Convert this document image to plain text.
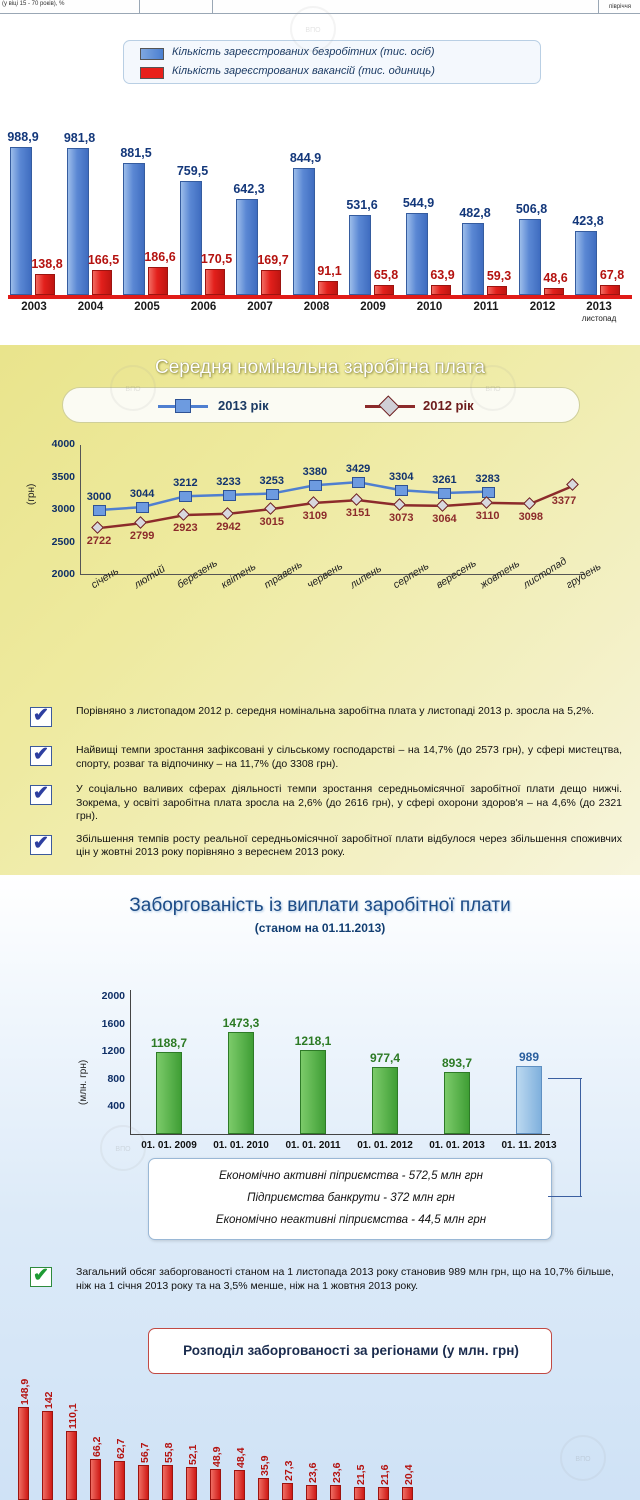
(у віці 15 - 70 років), %	півріччя
Кількість зареєстрованих безробітних (тис. осіб)
Кількість зареєстрованих вакансій (тис. одиниць)
988,9
138,8
2003
981,8
166,5
2004
881,5
186,6
2005
759,5
170,5
2006
642,3
169,7
2007
844,9
91,1
2008
531,6
65,8
2009
544,9
63,9
2010
482,8
59,3
2011
506,8
48,6
2012
423,8
67,8
2013
листопад
ВПО
Середня номінальна заробітна плата
2013 рік	2012 рік
(грн)
2000
2500
3000
3500
4000
3000	3044
3212	3233	3253
3380	3429
3304	3261	3283
2722	2799
2923	2942	3015
3109	3151	3073	3064	3110	3098
3377
січень лютий березень
квітень травень червень липень серпень вересень
жовтень листопад
грудень
✔

Порівняно з листопадом 2012 р. середня номінальна заробітна плата у листопаді 2013 р. зросла на 5,2%.

✔

Найвищі темпи зростання зафіксовані у сільському господарстві – на 14,7% (до 2573 грн), у сфері мистецтва, спорту, розваг та відпочинку – на 11,7% (до 3308 грн).

✔

У соціально валивих сферах діяльності темпи зростання середньомісячної заробітної плати дещо нижчі. Зокрема, у освіті заробітна плата зросла на 2,6% (до 2616 грн), у сфері охорони здоров'я – на 4,6% (до 2321 грн).

✔

Збільшення темпів росту реальної середньомісячної заробітної плати відбулося через збільшення споживчих цін у жовтні 2013 року порівняно з вереснем 2013 року.

ВПО	ВПО
Заборгованість із виплати заробітної плати
(станом на 01.11.2013)
(млн. грн)
400
800
1200
1600
2000
1188,7
01. 01. 2009
1473,3
01. 01. 2010
1218,1
01. 01. 2011
977,4
01. 01. 2012
893,7
01. 01. 2013
989
01. 11. 2013
Економічно активні піприємства - 572,5 млн грн
Підприємства банкрути - 372 млн грн
Економічно неактивні піприємства - 44,5 млн грн
✔

Загальний обсяг заборгованості станом на 1 листопада 2013 року становив 989 млн грн, що на 10,7% більше, ніж на 1 січня 2013 року та на 3,5% менше, ніж на 1 жовтня 2013 року.

Розподіл заборгованості за регіонами (у млн. грн)
148,9 142
110,1
66,2 62,7 56,7 55,8 52,1 48,9 48,4 35,9 27,3 23,6 23,6 21,5 21,6 20,4
ВПО
ВПО
